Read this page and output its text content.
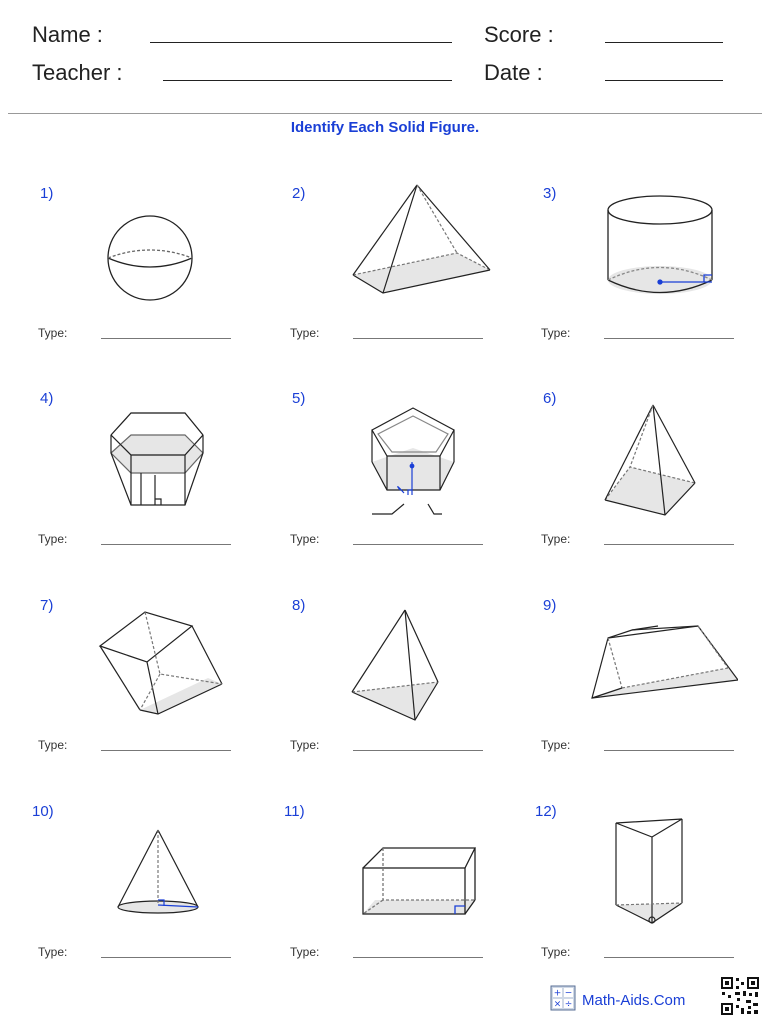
Name :	Score :
Teacher :	Date :
Identify Each Solid Figure.
1)	2)	3)
Type:	Type:	Type:
4)	5)	6)
Type:	Type:	Type:
7)	8)	9)
Type:	Type:	Type:
10)	11)	12)
Type:	Type:	Type:
+ −
× ÷ Math-Aids.Com
